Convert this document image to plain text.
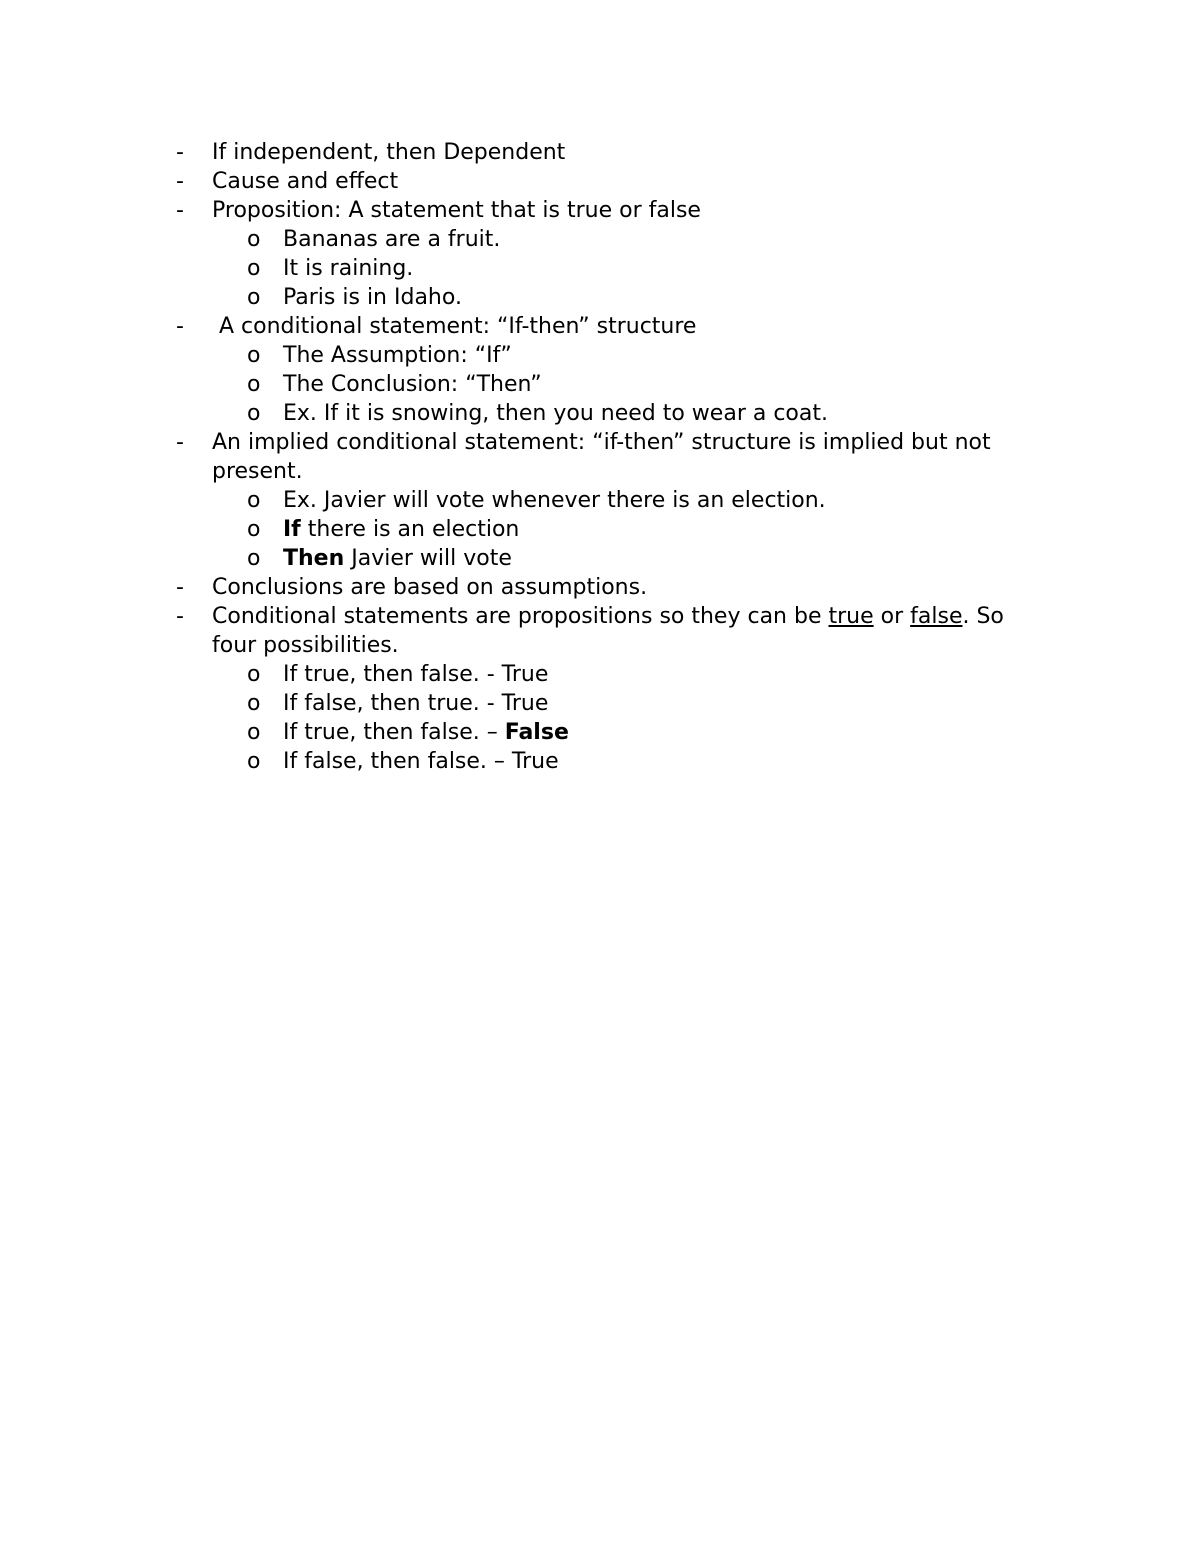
- If independent, then Dependent
- Cause and effect
- Proposition: A statement that is true or false
o Bananas are a fruit.
o It is raining.
o Paris is in Idaho.
- A conditional statement: “If-then” structure
o The Assumption: “If”
o The Conclusion: “Then”
o Ex. If it is snowing, then you need to wear a coat.
- An implied conditional statement: “if-then” structure is implied but not
present.
o Ex. Javier will vote whenever there is an election.
o If there is an election
o Then Javier will vote
- Conclusions are based on assumptions.
- Conditional statements are propositions so they can be true or false. So
four possibilities.
o If true, then false. - True
o If false, then true. - True
o If true, then false. – False
o If false, then false. – True
